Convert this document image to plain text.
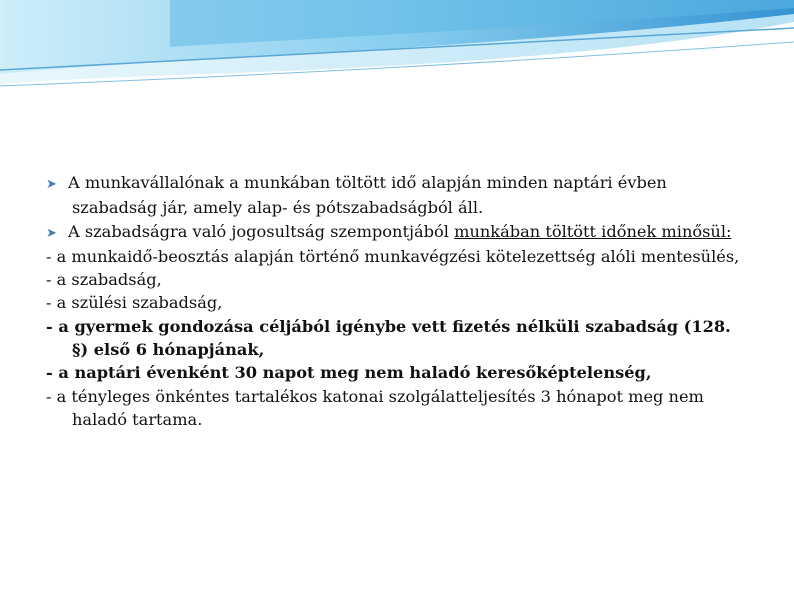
➤ A munkavállalónak a munkában töltött idő alapján minden naptári évben
szabadság jár, amely alap- és pótszabadságból áll.

➤ A szabadságra való jogosultság szempontjából munkában töltött időnek minősül:

- a munkaidő-beosztás alapján történő munkavégzési kötelezettség alóli mentesülés,

- a szabadság,

- a szülési szabadság,

- a gyermek gondozása céljából igénybe vett fizetés nélküli szabadság (128. §) első 6 hónapjának,

- a naptári évenként 30 napot meg nem haladó keresőképtelenség,

- a tényleges önkéntes tartalékos katonai szolgálatteljesítés 3 hónapot meg nem haladó tartama.
